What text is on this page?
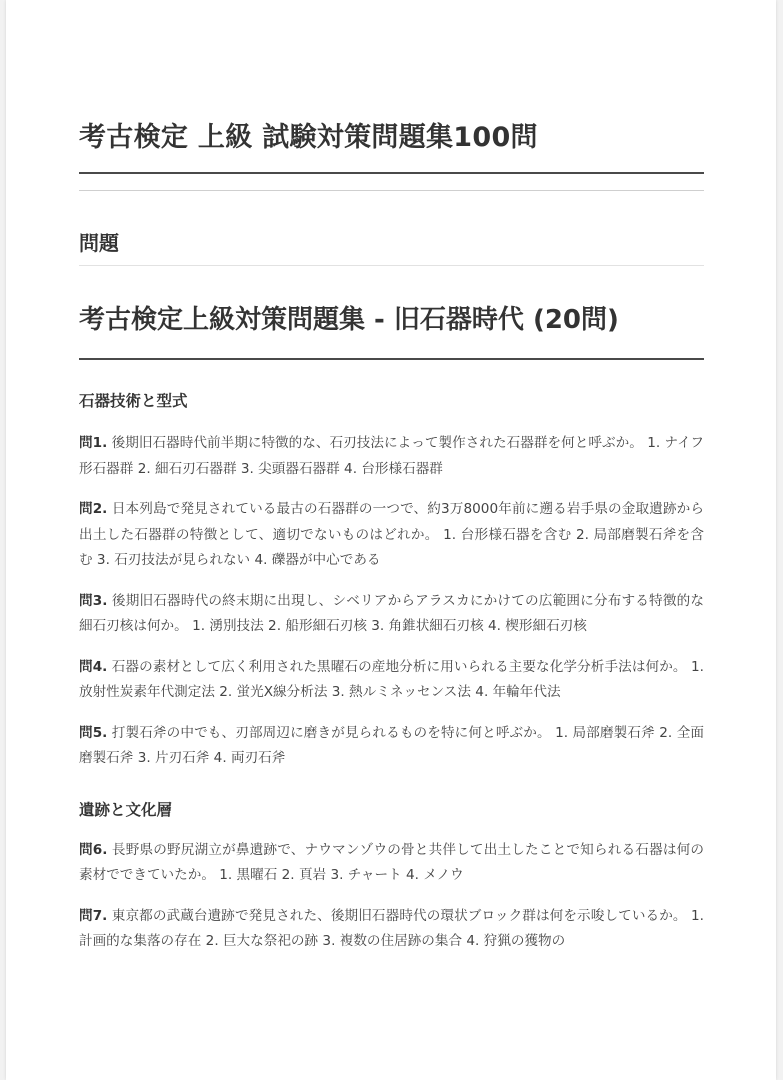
考古検定 上級 試験対策問題集100問
問題
考古検定上級対策問題集 - 旧石器時代 (20問)
石器技術と型式

問1. 後期旧石器時代前半期に特徴的な、石刃技法によって製作された石器群を何と呼ぶか。 1. ナイフ形石器群 2. 細石刃石器群 3. 尖頭器石器群 4. 台形様石器群

問2. 日本列島で発見されている最古の石器群の一つで、約3万8000年前に遡る岩手県の金取遺跡から出土した石器群の特徴として、適切でないものはどれか。 1. 台形様石器を含む 2. 局部磨製石斧を含む 3. 石刃技法が見られない 4. 礫器が中心である

問3. 後期旧石器時代の終末期に出現し、シベリアからアラスカにかけての広範囲に分布する特徴的な細石刃核は何か。 1. 湧別技法 2. 船形細石刃核 3. 角錐状細石刃核 4. 楔形細石刃核

問4. 石器の素材として広く利用された黒曜石の産地分析に用いられる主要な化学分析手法は何か。 1. 放射性炭素年代測定法 2. 蛍光X線分析法 3. 熱ルミネッセンス法 4. 年輪年代法

問5. 打製石斧の中でも、刃部周辺に磨きが見られるものを特に何と呼ぶか。 1. 局部磨製石斧 2. 全面磨製石斧 3. 片刃石斧 4. 両刃石斧

遺跡と文化層

問6. 長野県の野尻湖立が鼻遺跡で、ナウマンゾウの骨と共伴して出土したことで知られる石器は何の素材でできていたか。 1. 黒曜石 2. 頁岩 3. チャート 4. メノウ

問7. 東京都の武蔵台遺跡で発見された、後期旧石器時代の環状ブロック群は何を示唆しているか。 1. 計画的な集落の存在 2. 巨大な祭祀の跡 3. 複数の住居跡の集合 4. 狩猟の獲物の
